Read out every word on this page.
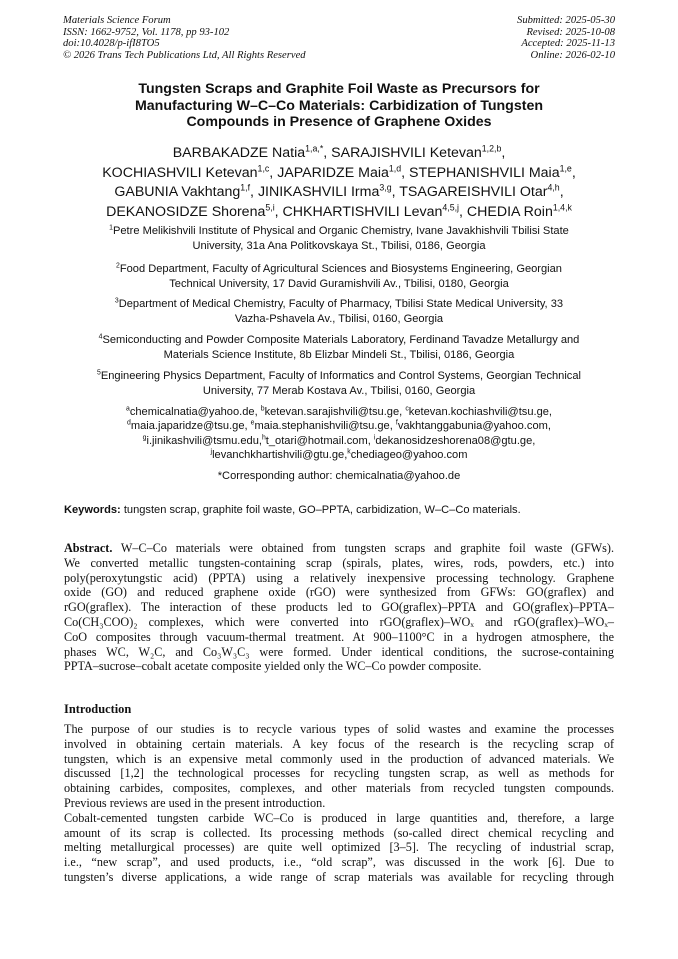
Materials Science Forum
ISSN: 1662-9752, Vol. 1178, pp 93-102
doi:10.4028/p-ifI8TO5
© 2026 Trans Tech Publications Ltd, All Rights Reserved
Submitted: 2025-05-30
Revised: 2025-10-08
Accepted: 2025-11-13
Online: 2026-02-10
Tungsten Scraps and Graphite Foil Waste as Precursors for
Manufacturing W–C–Co Materials: Carbidization of Tungsten
Compounds in Presence of Graphene Oxides
BARBAKADZE Natia$^{1,a,*}$, SARAJISHVILI Ketevan$^{1,2,b}$,
KOCHIASHVILI Ketevan$^{1,c}$, JAPARIDZE Maia$^{1,d}$, STEPHANISHVILI Maia$^{1,e}$,
GABUNIA Vakhtang$^{1,f}$, JINIKASHVILI Irma$^{3,g}$, TSAGAREISHVILI Otar$^{4,h}$,
DEKANOSIDZE Shorena$^{5,i}$, CHKHARTISHVILI Levan$^{4,5,j}$, CHEDIA Roin$^{1,4,k}$
$^1$Petre Melikishvili Institute of Physical and Organic Chemistry, Ivane Javakhishvili Tbilisi State
University, 31a Ana Politkovskaya St., Tbilisi, 0186, Georgia
$^2$Food Department, Faculty of Agricultural Sciences and Biosystems Engineering, Georgian
Technical University, 17 David Guramishvili Av., Tbilisi, 0180, Georgia
$^3$Department of Medical Chemistry, Faculty of Pharmacy, Tbilisi State Medical University, 33
Vazha-Pshavela Av., Tbilisi, 0160, Georgia
$^4$Semiconducting and Powder Composite Materials Laboratory, Ferdinand Tavadze Metallurgy and
Materials Science Institute, 8b Elizbar Mindeli St., Tbilisi, 0186, Georgia
$^5$Engineering Physics Department, Faculty of Informatics and Control Systems, Georgian Technical
University, 77 Merab Kostava Av., Tbilisi, 0160, Georgia
$^a$chemicalnatia@yahoo.de, $^b$ketevan.sarajishvili@tsu.ge, $^c$ketevan.kochiashvili@tsu.ge,
$^d$maia.japaridze@tsu.ge, $^e$maia.stephanishvili@tsu.ge, $^f$vakhtanggabunia@yahoo.com,
$^g$i.jinikashvili@tsmu.edu,$^h$t_otari@hotmail.com, $^i$dekanosidzeshorena08@gtu.ge,
$^j$levanchkhartishvili@gtu.ge,$^k$chediageo@yahoo.com
*Corresponding author: chemicalnatia@yahoo.de
Keywords: tungsten scrap, graphite foil waste, GO–PPTA, carbidization, W–C–Co materials.
Abstract. W–C–Co materials were obtained from tungsten scraps and graphite foil waste (GFWs).
We converted metallic tungsten-containing scrap (spirals, plates, wires, rods, powders, etc.) into
poly(peroxytungstic acid) (PPTA) using a relatively inexpensive processing technology. Graphene
oxide (GO) and reduced graphene oxide (rGO) were synthesized from GFWs: GO(graflex) and
rGO(graflex). The interaction of these products led to GO(graflex)–PPTA and GO(graflex)–PPTA–
Co(CH₃COO)₂ complexes, which were converted into rGO(graflex)–WOₓ and rGO(graflex)–WOₓ–
CoO composites through vacuum-thermal treatment. At 900–1100°C in a hydrogen atmosphere, the
phases WC, W₂C, and Co₃W₃C₃ were formed. Under identical conditions, the sucrose-containing
PPTA–sucrose–cobalt acetate composite yielded only the WC–Co powder composite.
Introduction
The purpose of our studies is to recycle various types of solid wastes and examine the processes
involved in obtaining certain materials. A key focus of the research is the recycling scrap of
tungsten, which is an expensive metal commonly used in the production of advanced materials. We
discussed [1,2] the technological processes for recycling tungsten scrap, as well as methods for
obtaining carbides, composites, complexes, and other materials from recycled tungsten compounds.
Previous reviews are used in the present introduction.
Cobalt-cemented tungsten carbide WC–Co is produced in large quantities and, therefore, a large
amount of its scrap is collected. Its processing methods (so-called direct chemical recycling and
melting metallurgical processes) are quite well optimized [3–5]. The recycling of industrial scrap,
i.e., “new scrap”, and used products, i.e., “old scrap”, was discussed in the work [6]. Due to
tungsten’s diverse applications, a wide range of scrap materials was available for recycling through
